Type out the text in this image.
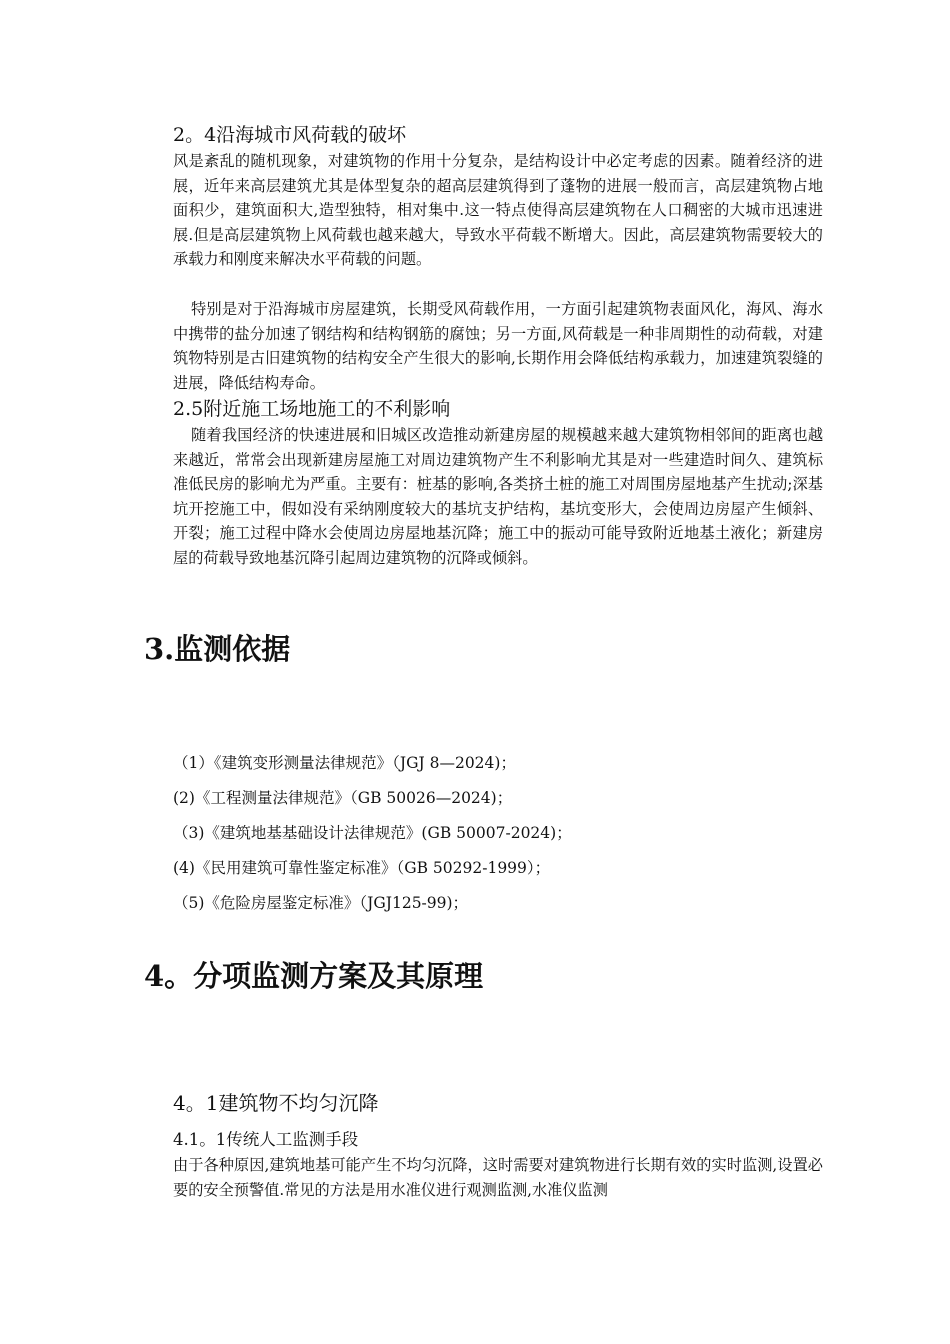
2。4沿海城市风荷载的破坏
风是紊乱的随机现象，对建筑物的作用十分复杂，是结构设计中必定考虑的因素。随着经济的进展，近年来高层建筑尤其是体型复杂的超高层建筑得到了蓬物的进展一般而言，高层建筑物占地面积少，建筑面积大,造型独特，相对集中.这一特点使得高层建筑物在人口稠密的大城市迅速进展.但是高层建筑物上风荷载也越来越大，导致水平荷载不断增大。因此，高层建筑物需要较大的承载力和刚度来解决水平荷载的问题。
特别是对于沿海城市房屋建筑，长期受风荷载作用，一方面引起建筑物表面风化，海风、海水中携带的盐分加速了钢结构和结构钢筋的腐蚀；另一方面,风荷载是一种非周期性的动荷载，对建筑物特别是古旧建筑物的结构安全产生很大的影响,长期作用会降低结构承载力，加速建筑裂缝的进展，降低结构寿命。
2.5附近施工场地施工的不利影响
随着我国经济的快速进展和旧城区改造推动新建房屋的规模越来越大建筑物相邻间的距离也越来越近，常常会出现新建房屋施工对周边建筑物产生不利影响尤其是对一些建造时间久、建筑标准低民房的影响尤为严重。主要有：桩基的影响,各类挤土桩的施工对周围房屋地基产生扰动;深基坑开挖施工中，假如没有采纳刚度较大的基坑支护结构，基坑变形大，会使周边房屋产生倾斜、开裂；施工过程中降水会使周边房屋地基沉降；施工中的振动可能导致附近地基土液化；新建房屋的荷载导致地基沉降引起周边建筑物的沉降或倾斜。
3.监测依据
（1）《建筑变形测量法律规范》（JGJ 8—2024)；
(2)《工程测量法律规范》（GB 50026—2024)；
（3)《建筑地基基础设计法律规范》(GB 50007-2024)；
(4)《民用建筑可靠性鉴定标准》（GB 50292-1999）；
（5)《危险房屋鉴定标准》（JGJ125-99)；
4。分项监测方案及其原理
4。1建筑物不均匀沉降
4.1。1传统人工监测手段
由于各种原因,建筑地基可能产生不均匀沉降，这时需要对建筑物进行长期有效的实时监测,设置必要的安全预警值.常见的方法是用水准仪进行观测监测,水准仪监测
